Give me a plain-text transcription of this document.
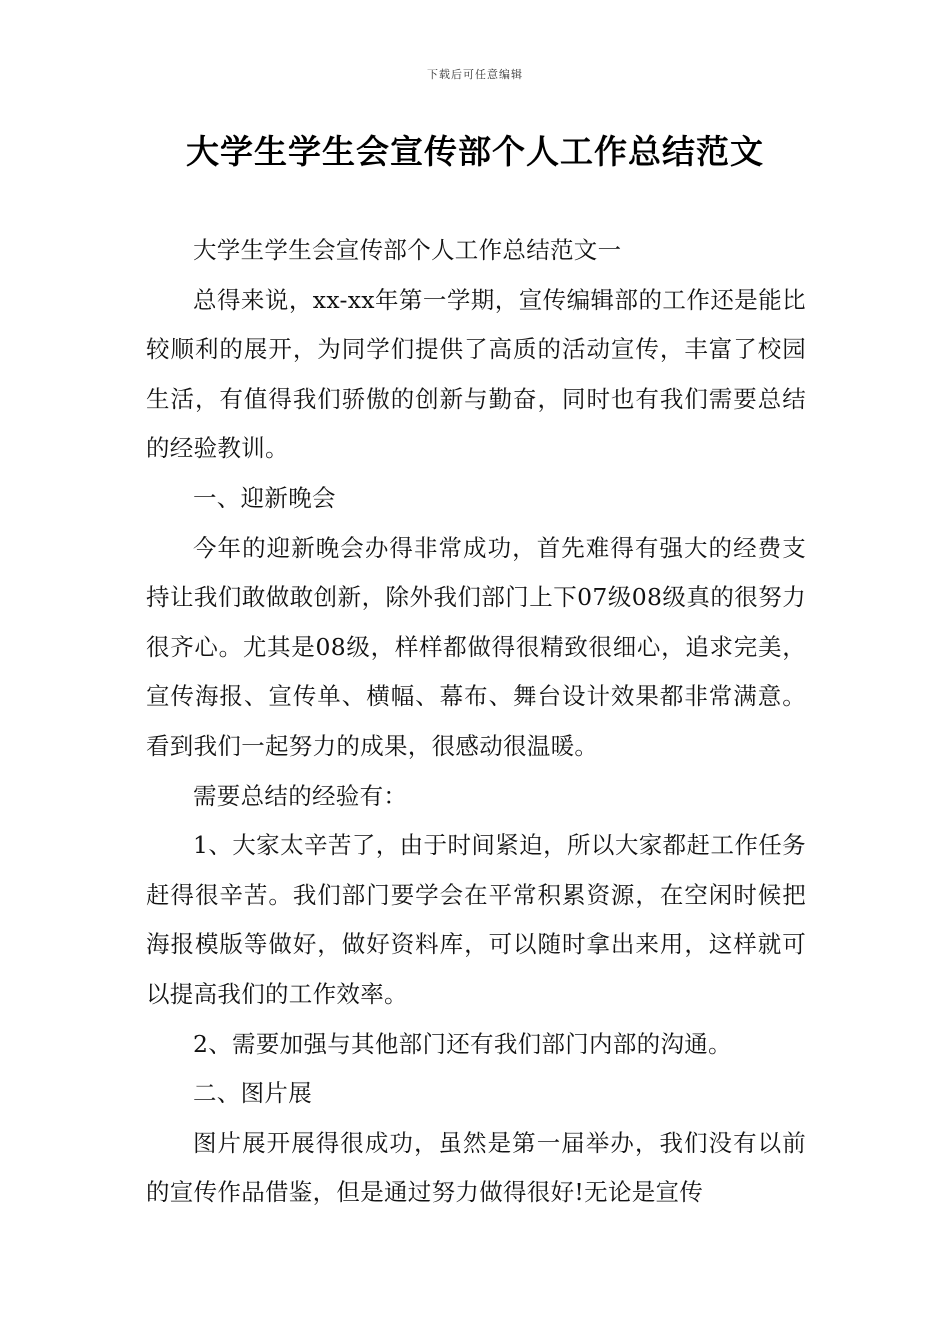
下载后可任意编辑
大学生学生会宣传部个人工作总结范文

大学生学生会宣传部个人工作总结范文一

总得来说，xx-xx年第一学期，宣传编辑部的工作还是能比较顺利的展开，为同学们提供了高质的活动宣传，丰富了校园生活，有值得我们骄傲的创新与勤奋，同时也有我们需要总结的经验教训。

一、迎新晚会

今年的迎新晚会办得非常成功，首先难得有强大的经费支持让我们敢做敢创新，除外我们部门上下07级08级真的很努力很齐心。尤其是08级，样样都做得很精致很细心，追求完美，宣传海报、宣传单、横幅、幕布、舞台设计效果都非常满意。看到我们一起努力的成果，很感动很温暖。

需要总结的经验有：

1、大家太辛苦了，由于时间紧迫，所以大家都赶工作任务赶得很辛苦。我们部门要学会在平常积累资源，在空闲时候把海报模版等做好，做好资料库，可以随时拿出来用，这样就可以提高我们的工作效率。

2、需要加强与其他部门还有我们部门内部的沟通。

二、图片展

图片展开展得很成功，虽然是第一届举办，我们没有以前的宣传作品借鉴，但是通过努力做得很好!无论是宣传
